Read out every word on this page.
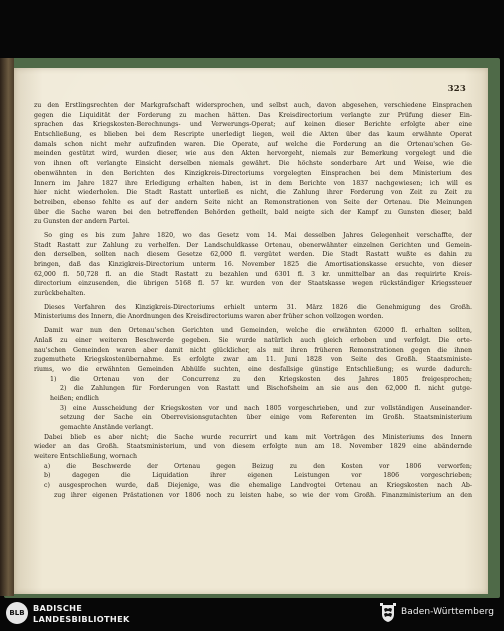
323
zu den Erstlingsrechten der Markgrafschaft widersprochen, und selbst auch, davon abgesehen, verschiedene Einsprachen
gegen die Liquidität der Forderung zu machen hätten. Das Kreisdirectorium verlangte zur Prüfung dieser Ein-
sprachen das Kriegskosten-Berechnungs- und Verwerungs-Operat; auf keinen dieser Berichte erfolgte aber eine
Entschließung, es blieben bei dem Rescripte unerledigt liegen, weil die Akten über das kaum erwähnte Operat
damals schon nicht mehr aufzufinden waren. Die Operate, auf welche die Forderung an die Ortenau'schen Ge-
meinden gestützt wird, wurden dieser, wie aus den Akten hervorgeht, niemals zur Bemerkung vorgelegt und die
von ihnen oft verlangte Einsicht derselben niemals gewährt. Die höchste sonderbare Art und Weise, wie die
obenwähnten in den Berichten des Kinzigkreis-Directoriums vorgelegten Einsprachen bei dem Ministerium des
Innern im Jahre 1827 ihre Erledigung erhalten haben, ist in dem Berichte von 1837 nachgewiesen; ich will es
hier nicht wiederholen. Die Stadt Rastatt unterließ es nicht, die Zahlung ihrer Forderung von Zeit zu Zeit zu
betreiben, ebenso fehlte es auf der andern Seite nicht an Remonstrationen von Seite der Ortenau. Die Meinungen
über die Sache waren bei den betreffenden Behörden getheilt, bald neigte sich der Kampf zu Gunsten dieser, bald
zu Gunsten der andern Partei.
So ging es bis zum Jahre 1820, wo das Gesetz vom 14. Mai desselben Jahres Gelegenheit verschaffte, der
Stadt Rastatt zur Zahlung zu verhelfen. Der Landschuldkasse Ortenau, obenerwähnter einzelnen Gerichten und Gemein-
den derselben, sollten nach diesem Gesetze 62,000 fl. vergütet werden. Die Stadt Rastatt wußte es dahin zu
bringen, daß das Kinzigkreis-Directorium unterm 16. November 1825 die Amortisationskasse ersuchte, von dieser
62,000 fl. 50,728 fl. an die Stadt Rastatt zu bezahlen und 6301 fl. 3 kr. unmittelbar an das requirirte Kreis-
directorium einzusenden, die übrigen 5168 fl. 57 kr. wurden von der Staatskasse wegen rückständiger Kriegssteuer
zurückbehalten.
Dieses Verfahren des Kinzigkreis-Directoriums erhielt unterm 31. März 1826 die Genehmigung des Großh.
Ministeriums des Innern, die Anordnungen des Kreisdirectoriums waren aber früher schon vollzogen worden.
Damit war nun den Ortenau'schen Gerichten und Gemeinden, welche die erwähnten 62000 fl. erhalten sollten,
Anlaß zu einer weiteren Beschwerde gegeben. Sie wurde natürlich auch gleich erhoben und verfolgt. Die orte-
nau'schen Gemeinden waren aber damit nicht glücklicher, als mit ihren früheren Remonstrationen gegen die ihnen
zugemuthete Kriegskostenübernahme. Es erfolgte zwar am 11. Juni 1828 von Seite des Großh. Staatsministe-
riums, wo die erwähnten Gemeinden Abhülfe suchten, eine desfallsige günstige Entschließung; es wurde dadurch:
1) die Ortenau von der Concurrenz zu den Kriegskosten des Jahres 1805 freigesprochen;
2) die Zahlungen für Forderungen von Rastatt und Bischofsheim an sie aus den 62,000 fl. nicht gutge-
heißen; endlich
3) eine Ausscheidung der Kriegskosten vor und nach 1805 vorgeschrieben, und zur vollständigen Auseinander-
setzung der Sache ein Oberrevisionsgutachten über einige vom Referenten im Großh. Staatsministerium
gemachte Anstände verlangt.
Dabei blieb es aber nicht; die Sache wurde recurrirt und kam mit Vorträgen des Ministeriums des Innern
wieder an das Großh. Staatsministerium, und von diesem erfolgte nun am 18. November 1829 eine abändernde
weitere Entschließung, wornach
a) die Beschwerde der Ortenau gegen Beizug zu den Kosten vor 1806 verworfen;
b) dagegen die Liquidation ihrer eigenen Leistungen vor 1806 vorgeschrieben;
c) ausgesprochen wurde, daß Diejenige, was die ehemalige Landvogtei Ortenau an Kriegskosten nach Ab-
zug ihrer eigenen Prästationen vor 1806 noch zu leisten habe, so wie der vom Großh. Finanzministerium an den
BLB	BADISCHE
LANDESBIBLIOTHEK
Baden-Württemberg
